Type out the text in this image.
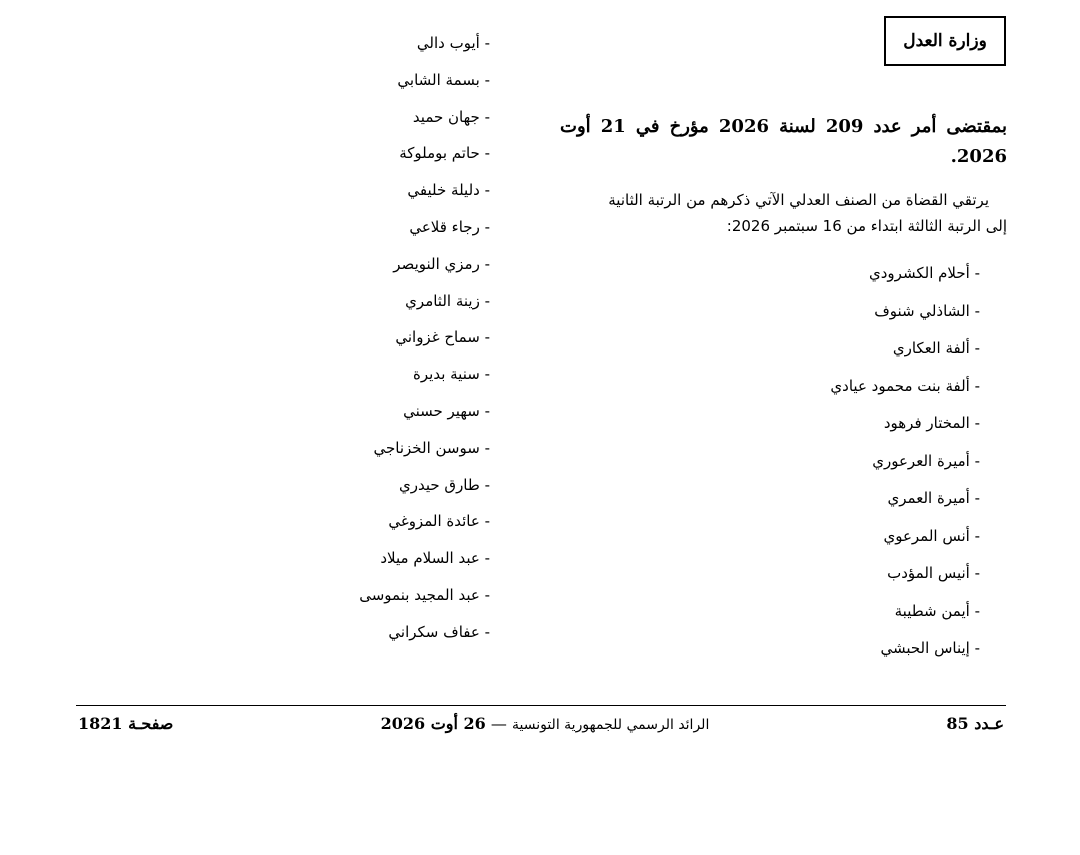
وزارة العدل
بمقتضى أمر عدد 209 لسنة 2026 مؤرخ في 21 أوت 2026.
يرتقي القضاة من الصنف العدلي الآتي ذكرهم من الرتبة الثانية
إلى الرتبة الثالثة ابتداء من 16 سبتمبر 2026:
- أحلام الكشرودي
- الشاذلي شنوف
- ألفة العكاري
- ألفة بنت محمود عيادي
- المختار فرهود
- أميرة العرعوري
- أميرة العمري
- أنس المرعوي
- أنيس المؤدب
- أيمن شطيبة
- إيناس الحبشي
- أيوب دالي
- بسمة الشابي
- جهان حميد
- حاتم بوملوكة
- دليلة خليفي
- رجاء قلاعي
- رمزي النويصر
- زينة الثامري
- سماح غزواني
- سنية بديرة
- سهير حسني
- سوسن الخزناجي
- طارق حيدري
- عائدة المزوغي
- عبد السلام ميلاد
- عبد المجيد بنموسى
- عفاف سكراني
عـدد 85
الرائد الرسمي للجمهورية التونسية — 26 أوت 2026
صفحـة 1821
